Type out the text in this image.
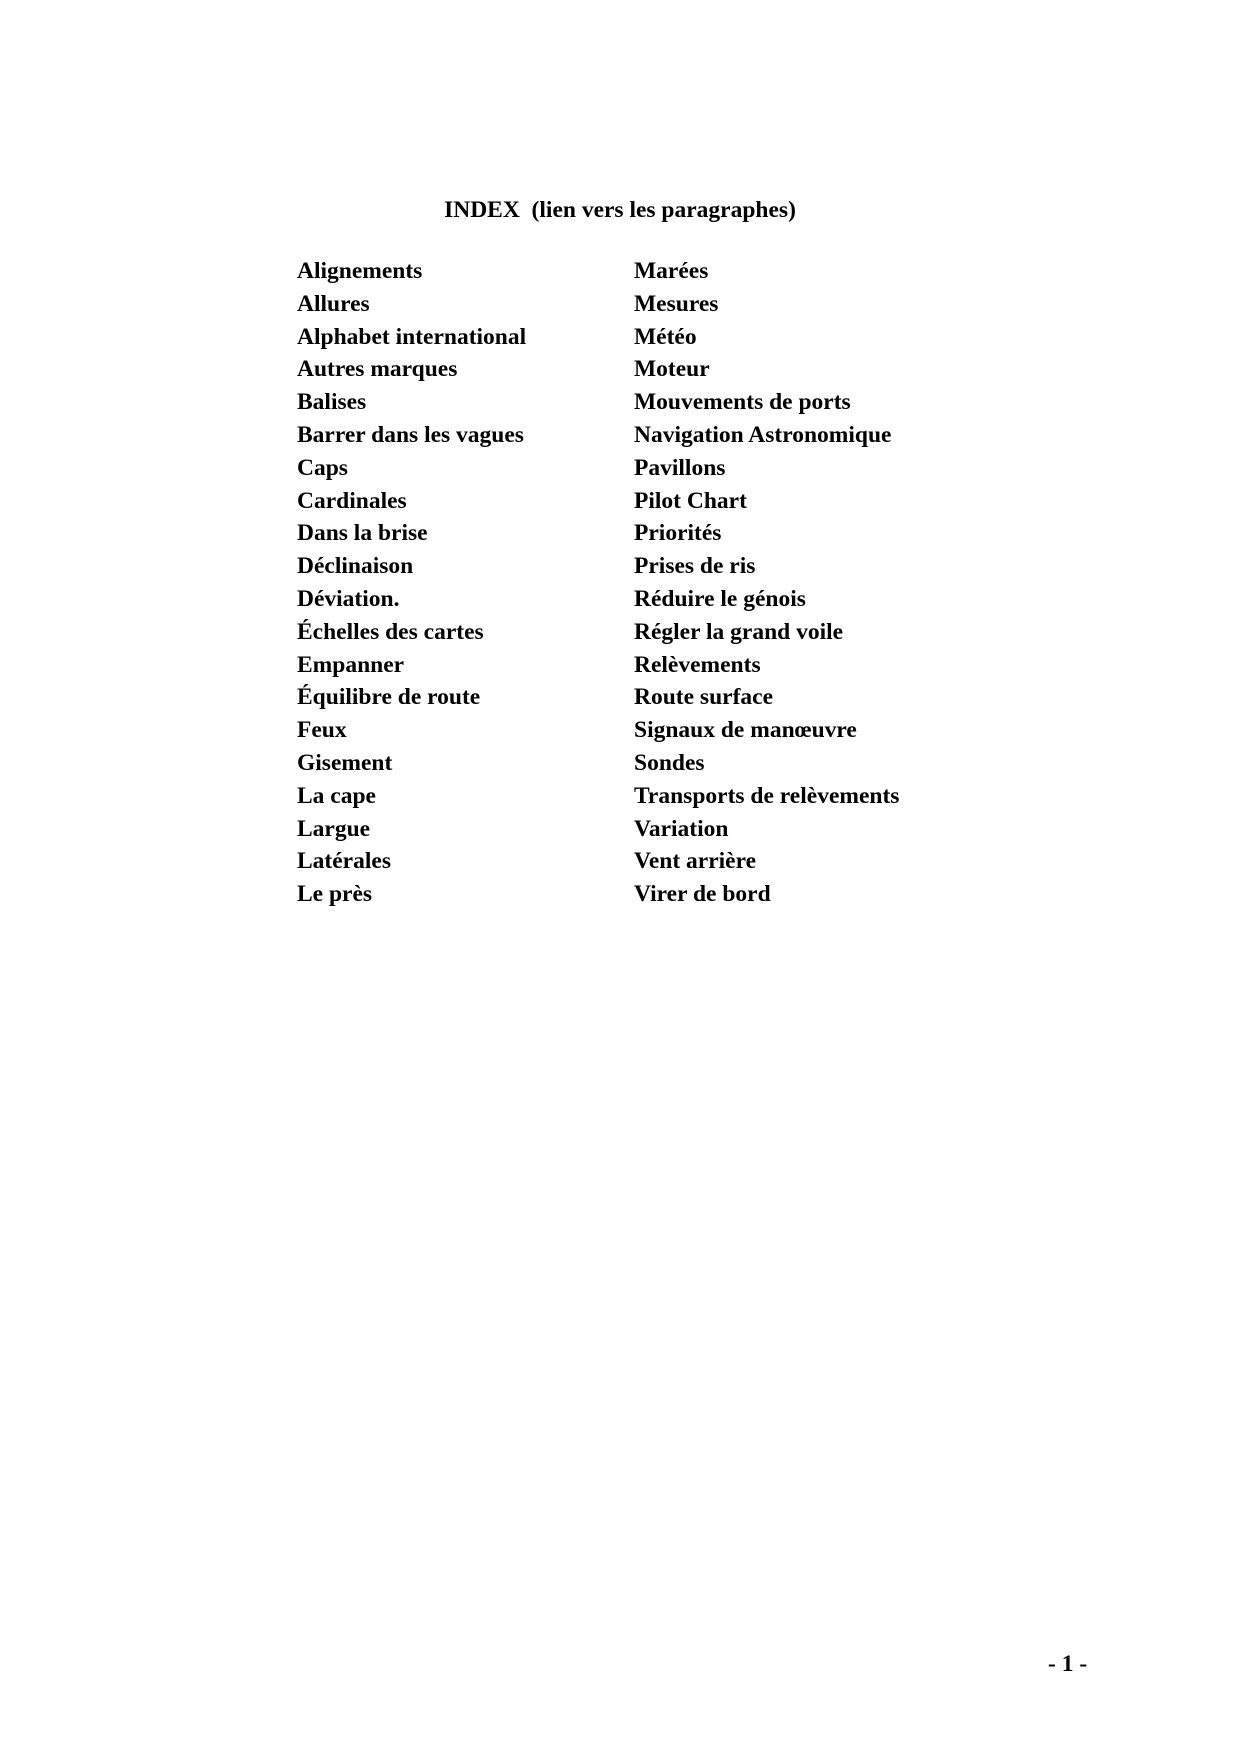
INDEX  (lien vers les paragraphes)
Alignements
Allures
Alphabet international
Autres marques
Balises
Barrer dans les vagues
Caps
Cardinales
Dans la brise
Déclinaison
Déviation.
Échelles des cartes
Empanner
Équilibre de route
Feux
Gisement
La cape
Largue
Latérales
Le près
Marées
Mesures
Météo
Moteur
Mouvements de ports
Navigation Astronomique
Pavillons
Pilot Chart
Priorités
Prises de ris
Réduire le génois
Régler la grand voile
Relèvements
Route surface
Signaux de manœuvre
Sondes
Transports de relèvements
Variation
Vent arrière
Virer de bord
- 1 -
